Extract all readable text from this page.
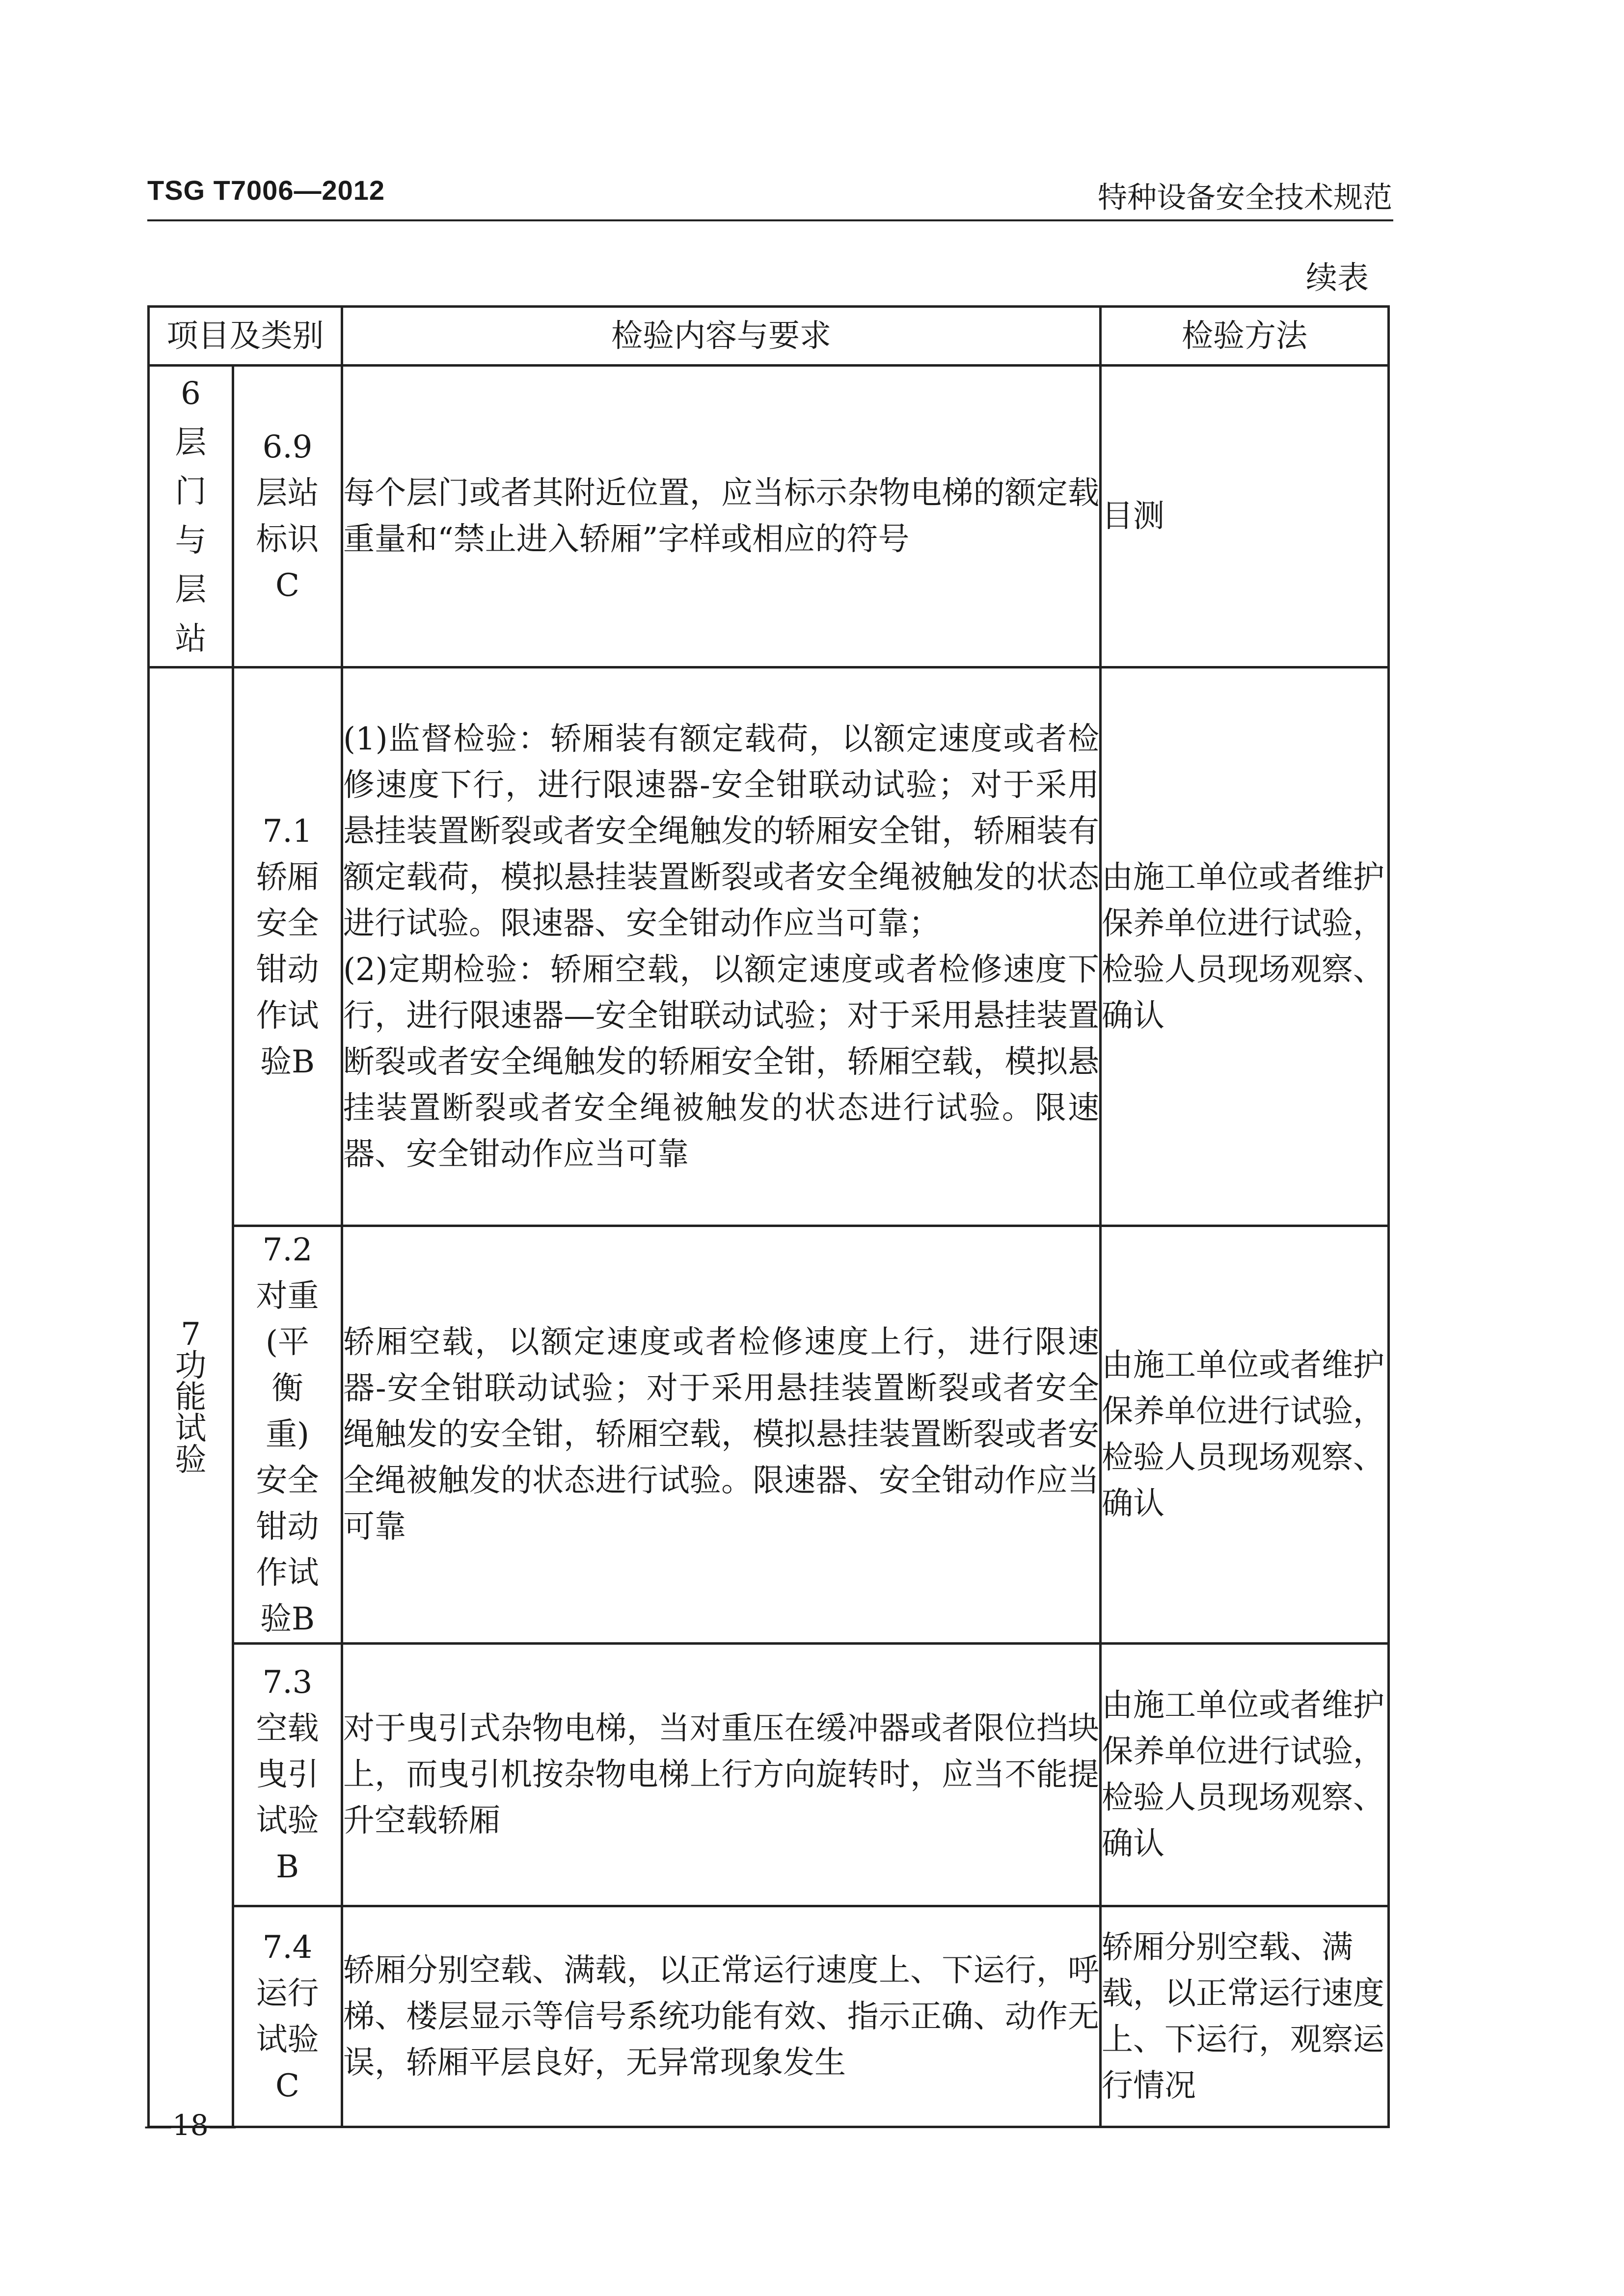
TSG T7006—2012	特种设备安全技术规范
续表
项目及类别		检验内容与要求	检验方法

6层门与层站	6.9层站标识C	每个层门或者其附近位置，应当标示杂物电梯的额定载重量和“禁止进入轿厢”字样或相应的符号	目测

7功能试验	7.1轿厢安全钳动作试验B	(1)监督检验：轿厢装有额定载荷，以额定速度或者检修速度下行，进行限速器-安全钳联动试验；对于采用悬挂装置断裂或者安全绳触发的轿厢安全钳，轿厢装有额定载荷，模拟悬挂装置断裂或者安全绳被触发的状态进行试验。限速器、安全钳动作应当可靠；
(2)定期检验：轿厢空载，以额定速度或者检修速度下行，进行限速器—安全钳联动试验；对于采用悬挂装置断裂或者安全绳触发的轿厢安全钳，轿厢空载，模拟悬挂装置断裂或者安全绳被触发的状态进行试验。限速器、安全钳动作应当可靠	由施工单位或者维护保养单位进行试验，检验人员现场观察、确认

	7.2对重(平衡重)安全钳动作试验B	轿厢空载，以额定速度或者检修速度上行，进行限速器-安全钳联动试验；对于采用悬挂装置断裂或者安全绳触发的安全钳，轿厢空载，模拟悬挂装置断裂或者安全绳被触发的状态进行试验。限速器、安全钳动作应当可靠	由施工单位或者维护保养单位进行试验，检验人员现场观察、确认

	7.3空载曳引试验B	对于曳引式杂物电梯，当对重压在缓冲器或者限位挡块上，而曳引机按杂物电梯上行方向旋转时，应当不能提升空载轿厢	由施工单位或者维护保养单位进行试验，检验人员现场观察、确认

	7.4运行试验C	轿厢分别空载、满载，以正常运行速度上、下运行，呼梯、楼层显示等信号系统功能有效、指示正确、动作无误，轿厢平层良好，无异常现象发生	轿厢分别空载、满载，以正常运行速度上、下运行，观察运行情况
—18—
